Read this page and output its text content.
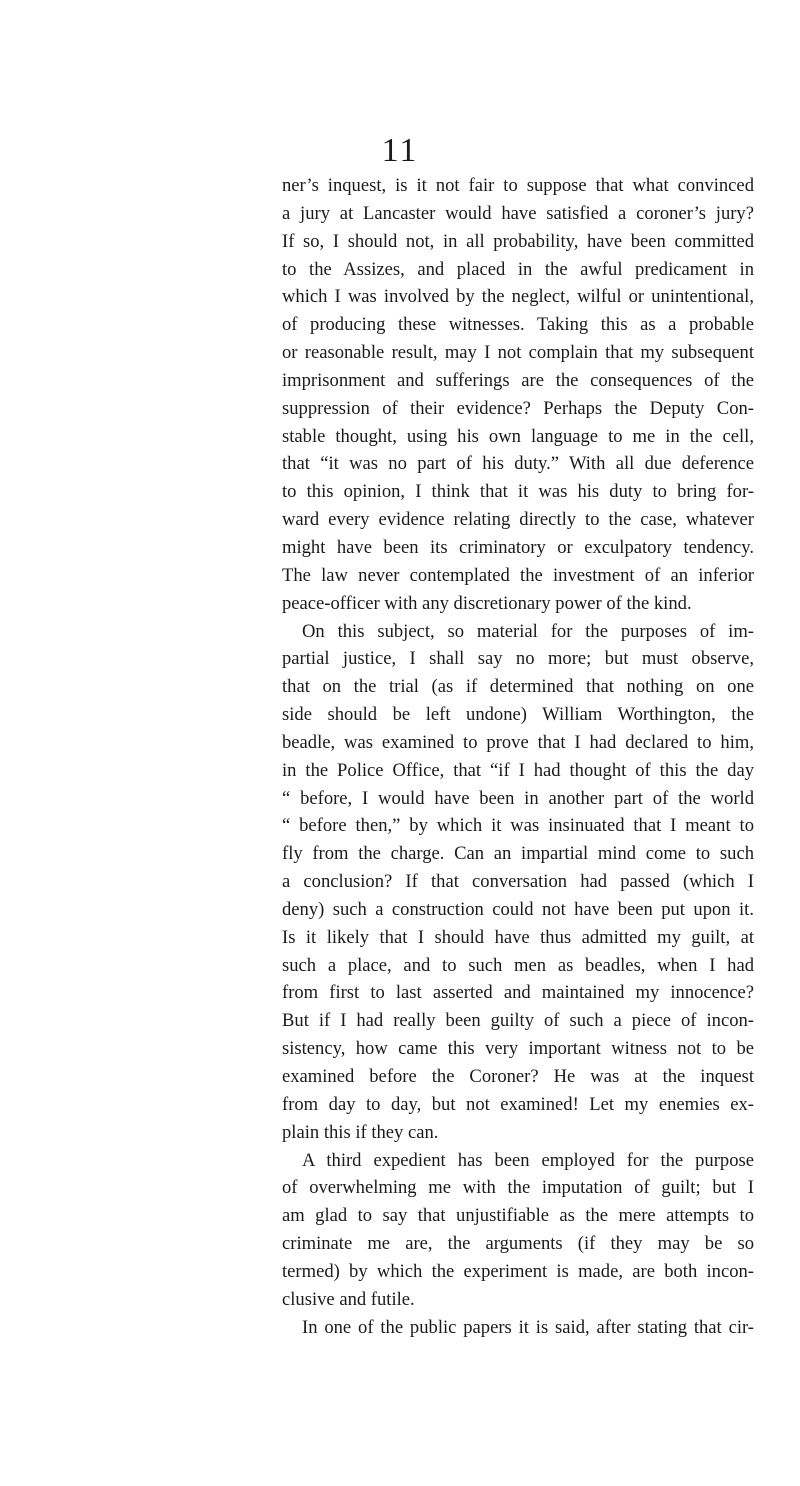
11
ner’s inquest, is it not fair to suppose that what convinced
a jury at Lancaster would have satisfied a coroner’s jury?
If so, I should not, in all probability, have been committed
to the Assizes, and placed in the awful predicament in
which I was involved by the neglect, wilful or unintentional,
of producing these witnesses. Taking this as a probable
or reasonable result, may I not complain that my subsequent
imprisonment and sufferings are the consequences of the
suppression of their evidence? Perhaps the Deputy Con-
stable thought, using his own language to me in the cell,
that “it was no part of his duty.” With all due deference
to this opinion, I think that it was his duty to bring for-
ward every evidence relating directly to the case, whatever
might have been its criminatory or exculpatory tendency.
The law never contemplated the investment of an inferior
peace-officer with any discretionary power of the kind.
On this subject, so material for the purposes of im-
partial justice, I shall say no more; but must observe,
that on the trial (as if determined that nothing on one
side should be left undone) William Worthington, the
beadle, was examined to prove that I had declared to him,
in the Police Office, that “if I had thought of this the day
“ before, I would have been in another part of the world
“ before then,” by which it was insinuated that I meant to
fly from the charge. Can an impartial mind come to such
a conclusion? If that conversation had passed (which I
deny) such a construction could not have been put upon it.
Is it likely that I should have thus admitted my guilt, at
such a place, and to such men as beadles, when I had
from first to last asserted and maintained my innocence?
But if I had really been guilty of such a piece of incon-
sistency, how came this very important witness not to be
examined before the Coroner? He was at the inquest
from day to day, but not examined! Let my enemies ex-
plain this if they can.
A third expedient has been employed for the purpose
of overwhelming me with the imputation of guilt; but I
am glad to say that unjustifiable as the mere attempts to
criminate me are, the arguments (if they may be so
termed) by which the experiment is made, are both incon-
clusive and futile.
In one of the public papers it is said, after stating that cir-
